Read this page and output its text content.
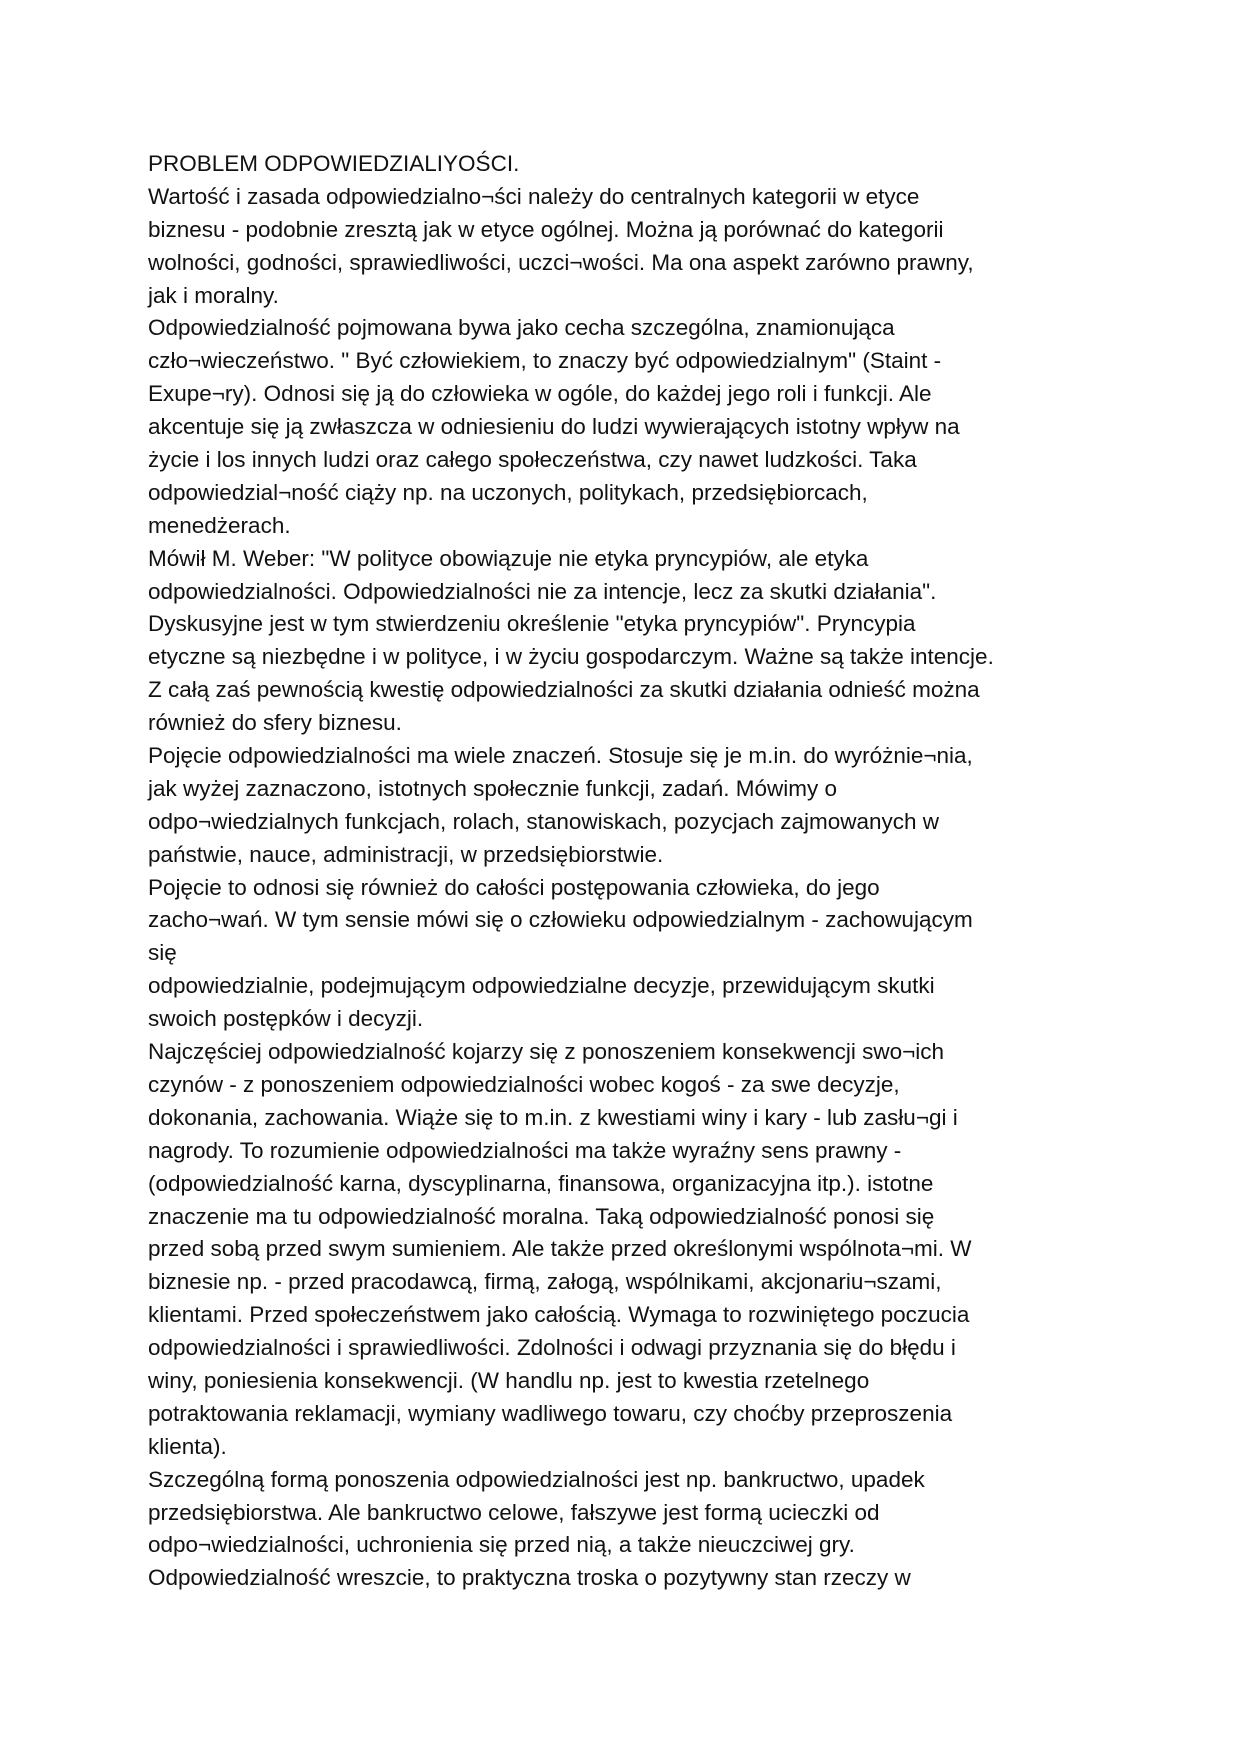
PROBLEM ODPOWIEDZIALIYOŚCI.
Wartość i zasada odpowiedzialno¬ści należy do centralnych kategorii w etyce
biznesu - podobnie zresztą jak w etyce ogólnej. Można ją porównać do kategorii
wolności, godności, sprawiedliwości, uczci¬wości. Ma ona aspekt zarówno prawny,
jak i moralny.
Odpowiedzialność pojmowana bywa jako cecha szczególna, znamionująca
czło¬wieczeństwo. " Być człowiekiem, to znaczy być odpowiedzialnym" (Staint -
Exupe¬ry). Odnosi się ją do człowieka w ogóle, do każdej jego roli i funkcji. Ale
akcentuje się ją zwłaszcza w odniesieniu do ludzi wywierających istotny wpływ na
życie i los innych ludzi oraz całego społeczeństwa, czy nawet ludzkości. Taka
odpowiedzial¬ność ciąży np. na uczonych, politykach, przedsiębiorcach,
menedżerach.
Mówił M. Weber: "W polityce obowiązuje nie etyka pryncypiów, ale etyka
odpowiedzialności. Odpowiedzialności nie za intencje, lecz za skutki działania".
Dyskusyjne jest w tym stwierdzeniu określenie "etyka pryncypiów". Pryncypia
etyczne są niezbędne i w polityce, i w życiu gospodarczym. Ważne są także intencje.
Z całą zaś pewnością kwestię odpowiedzialności za skutki działania odnieść można
również do sfery biznesu.
Pojęcie odpowiedzialności ma wiele znaczeń. Stosuje się je m.in. do wyróżnie¬nia,
jak wyżej zaznaczono, istotnych społecznie funkcji, zadań. Mówimy o
odpo¬wiedzialnych funkcjach, rolach, stanowiskach, pozycjach zajmowanych w
państwie, nauce, administracji, w przedsiębiorstwie.
Pojęcie to odnosi się również do całości postępowania człowieka, do jego
zacho¬wań. W tym sensie mówi się o człowieku odpowiedzialnym - zachowującym
się
odpowiedzialnie, podejmującym odpowiedzialne decyzje, przewidującym skutki
swoich postępków i decyzji.
Najczęściej odpowiedzialność kojarzy się z ponoszeniem konsekwencji swo¬ich
czynów - z ponoszeniem odpowiedzialności wobec kogoś - za swe decyzje,
dokonania, zachowania. Wiąże się to m.in. z kwestiami winy i kary - lub zasłu¬gi i
nagrody. To rozumienie odpowiedzialności ma także wyraźny sens prawny -
(odpowiedzialność karna, dyscyplinarna, finansowa, organizacyjna itp.). istotne
znaczenie ma tu odpowiedzialność moralna. Taką odpowiedzialność ponosi się
przed sobą przed swym sumieniem. Ale także przed określonymi wspólnota¬mi. W
biznesie np. - przed pracodawcą, firmą, załogą, wspólnikami, akcjonariu¬szami,
klientami. Przed społeczeństwem jako całością. Wymaga to rozwiniętego poczucia
odpowiedzialności i sprawiedliwości. Zdolności i odwagi przyznania się do błędu i
winy, poniesienia konsekwencji. (W handlu np. jest to kwestia rzetelnego
potraktowania reklamacji, wymiany wadliwego towaru, czy choćby przeproszenia
klienta).
Szczególną formą ponoszenia odpowiedzialności jest np. bankructwo, upadek
przedsiębiorstwa. Ale bankructwo celowe, fałszywe jest formą ucieczki od
odpo¬wiedzialności, uchronienia się przed nią, a także nieuczciwej gry.
Odpowiedzialność wreszcie, to praktyczna troska o pozytywny stan rzeczy w
